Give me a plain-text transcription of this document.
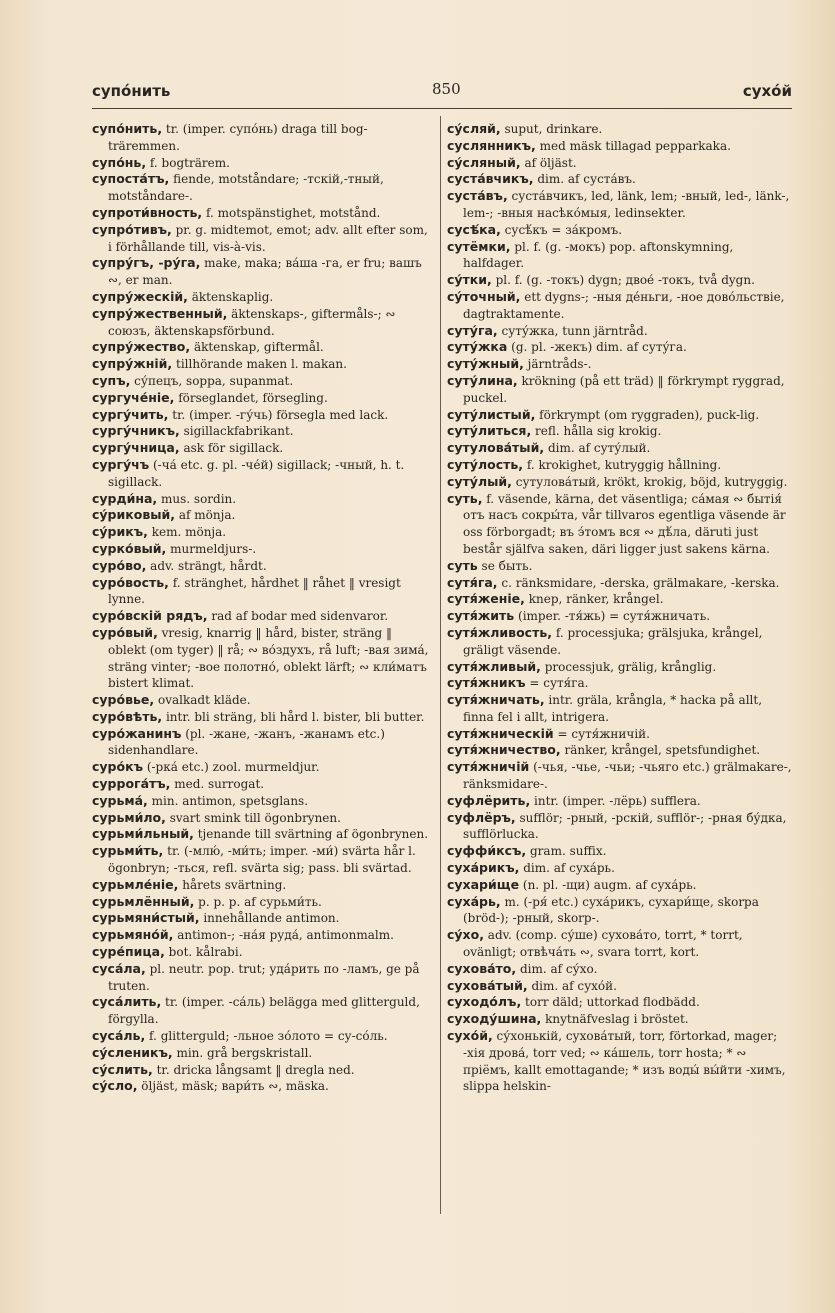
супо́нить	850	сухо́й

супо́нить, tr. (imper. супо́нь) draga till bog-trärеmmen.

супо́нь, f. bogträrem.

супоста́тъ, fiende, motståndare; -тскій,-тный, motståndare-.

супроти́вность, f. motspänstighet, motstånd.

супро́тивъ, pr. g. midtemot, emot; adv. allt efter som, i förhållande till, vis-à-vis.

супру́гъ, -ру́га, make, maka; ва́ша -га, er fru; вашъ ∾, er man.

супру́жескій, äktenskaplig.

супру́жественный, äktenskaps-, giftermåls-; ∾ союзъ, äktenskapsförbund.

супру́жество, äktenskap, giftermål.

супру́жній, tillhörande maken l. makan.

супъ, су́пецъ, soppa, supanmat.

сургуче́ніе, förseglandet, försegling.

сургу́чить, tr. (imper. -гу́чь) försegla med lack.

сургу́чникъ, sigillackfabrikant.

сургу́чница, ask för sigillack.

сургу́чъ (-ча́ etc. g. pl. -че́й) sigillack; -чный, h. t. sigillack.

сурди́на, mus. sordin.

су́риковый, af mönja.

су́рикъ, kem. mönja.

сурко́вый, murmeldjurs-.

суро́во, adv. strängt, hårdt.

суро́вость, f. stränghet, hårdhet ‖ råhet ‖ vresigt lynne.

суро́вскій рядъ, rad af bodar med sidenvaror.

суро́вый, vresig, knarrig ‖ hård, bister, sträng ‖ oblekt (om tyger) ‖ rå; ∾ во́здухъ, rå luft; -вая зима́, sträng vinter; -вое полотно́, oblekt lärft; ∾ кли́матъ bistert klimat.

суро́вье, ovalkadt kläde.

суро́вѣть, intr. bli sträng, bli hård l. bister, bli butter.

суро́жанинъ (pl. -жане, -жанъ, -жанамъ etc.) sidenhandlare.

суро́къ (-рка́ etc.) zool. murmeldjur.

суррога́тъ, med. surrogat.

сурьма́, min. antimon, spetsglans.

сурьми́ло, svart smink till ögonbrynen.

сурьми́льный, tjenande till svärtning af ögonbrynen.

сурьми́ть, tr. (-млю́, -ми́ть; imper. -ми́) svärta hår l. ögonbryn; -ться, refl. svärta sig; pass. bli svärtad.

сурьмле́ніе, hårets svärtning.

сурьмлённый, p. p. p. af сурьми́ть.

сурьмяни́стый, innehållande antimon.

сурьмяно́й, antimon-; -на́я руда́, antimonmalm.

суре́пица, bot. kålrabi.

суса́ла, pl. neutr. pop. trut; уда́рить по -ламъ, ge på truten.

суса́лить, tr. (imper. -са́ль) belägga med glitterguld, förgylla.

суса́ль, f. glitterguld; -льное зо́лото = су-со́ль.

су́сленикъ, min. grå bergskristall.

су́слить, tr. dricka långsamt ‖ dregla ned.

су́сло, öljäst, mäsk; вари́ть ∾, mäska.

су́сляй, suput, drinkare.

суслянникъ, med mäsk tillagad pepparkaka.

су́сляный, af öljäst.

суста́вчикъ, dim. af суста́въ.

суста́въ, суста́вчикъ, led, länk, lem; -вный, led-, länk-, lem-; -вныя насѣко́мыя, ledinsekter.

сусѣ́ка, сусѣ́къ = за́кромъ.

сутёмки, pl. f. (g. -мокъ) pop. aftonskymning, halfdager.

су́тки, pl. f. (g. -токъ) dygn; двое́ -токъ, två dygn.

су́точный, ett dygns-; -ныя де́ньги, -ное дово́льствіе, dagtraktamente.

суту́га, суту́жка, tunn järntråd.

суту́жка (g. pl. -жекъ) dim. af суту́га.

суту́жный, järntråds-.

суту́лина, krökning (på ett träd) ‖ förkrympt ryggrad, puckel.

суту́листый, förkrympt (om ryggraden), puck-lig.

суту́литься, refl. hålla sig krokig.

сутулова́тый, dim. af суту́лый.

суту́лость, f. krokighet, kutryggig hållning.

суту́лый, сутулова́тый, krökt, krokig, böjd, kutryggig.

суть, f. väsende, kärna, det väsentliga; са́мая ∾ бытія́ отъ насъ сокры́та, vår tillvaros egentliga väsende är oss förborgadt; въ э́томъ вся ∾ дѣ́ла, däruti just består själfva saken, däri ligger just sakens kärna.

суть se быть.

сутя́га, c. ränksmidare, -derska, grälmakare, -kerska.

сутя́женіе, knep, ränker, krångel.

сутя́жить (imper. -тя́жь) = сутя́жничать.

сутя́жливость, f. processjuka; grälsjuka, krångel, gräligt väsende.

сутя́жливый, processjuk, grälig, krånglig.

сутя́жникъ = сутя́га.

сутя́жничать, intr. gräla, krångla, * hacka på allt, finna fel i allt, intrigera.

сутя́жническій = сутя́жничій.

сутя́жничество, ränker, krångel, spetsfundighet.

сутя́жничій (-чья, -чье, -чьи; -чьяго etc.) grälmakare-, ränksmidare-.

суфлёрить, intr. (imper. -лёрь) sufflera.

суфлёръ, sufflör; -рный, -рскій, sufflör-; -рная бу́дка, sufflörlucka.

суффи́ксъ, gram. suffix.

суха́рикъ, dim. af суха́рь.

сухари́ще (n. pl. -щи) augm. af суха́рь.

суха́рь, m. (-ря́ etc.) суха́рикъ, сухари́ще, skorpa (bröd-); -рный, skorp-.

су́хо, adv. (comp. су́ше) сухова́то, torrt, * torrt, ovänligt; отвѣча́ть ∾, svara torrt, kort.

сухова́то, dim. af су́хо.

сухова́тый, dim. af сухо́й.

суходо́лъ, torr däld; uttorkad flodbädd.

суходу́шина, knytnäfveslag i bröstet.

сухо́й, су́хонькій, сухова́тый, torr, förtorkad, mager; -хія дрова́, torr ved; ∾ ка́шель, torr hosta; * ∾ прiёмъ, kallt emottagande; * изъ воды́ вы́йти -химъ, slippa helskin-
